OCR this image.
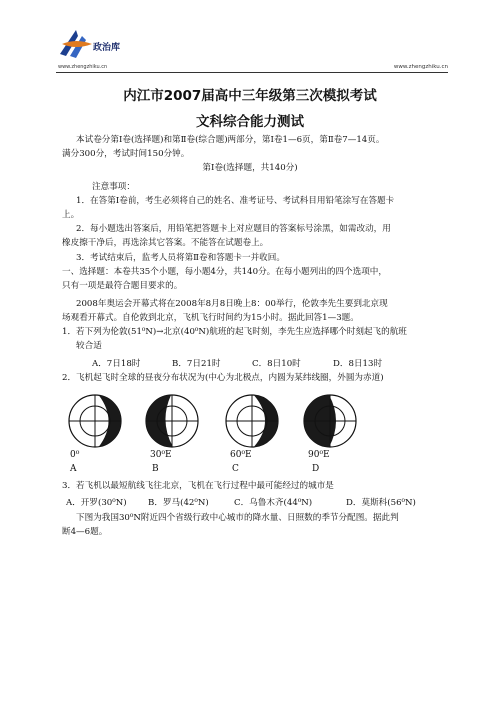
政治库
www.zhengzhiku.cn	www.zhengzhiku.cn
内江市2007届高中三年级第三次模拟考试
文科综合能力测试
本试卷分第Ⅰ卷(选择题)和第Ⅱ卷(综合题)两部分，第Ⅰ卷1—6页，第Ⅱ卷7—14页。
满分300分，考试时间150分钟。
第Ⅰ卷(选择题，共140分)
注意事项：
1．在答第Ⅰ卷前，考生必须将自己的姓名、准考证号、考试科目用铅笔涂写在答题卡
上。
2．每小题选出答案后，用铅笔把答题卡上对应题目的答案标号涂黑，如需改动，用
橡皮擦干净后，再选涂其它答案。不能答在试题卷上。
3．考试结束后，监考人员将第Ⅱ卷和答题卡一并收回。
一、选择题：本卷共35个小题，每小题4分，共140分。在每小题列出的四个选项中，
只有一项是最符合题目要求的。
2008年奥运会开幕式将在2008年8月8日晚上8：00举行，伦敦李先生要到北京现
场观看开幕式。自伦敦到北京，飞机飞行时间约为15小时。据此回答1—3题。
1．若下列为伦敦(51⁰N)→北京(40⁰N)航班的起飞时刻，李先生应选择哪个时刻起飞的航班
较合适
A．7日18时	B．7日21时	C．8日10时	D．8日13时
2．飞机起飞时全球的昼夜分布状况为(中心为北极点，内圆为某纬线圈，外圆为赤道)
0⁰	30⁰E	60⁰E	90⁰E
A	B	C	D
3．若飞机以最短航线飞往北京，飞机在飞行过程中最可能经过的城市是
A．开罗(30⁰N) B．罗马(42⁰N)	C．乌鲁木齐(44⁰N)	D．莫斯科(56⁰N)
下图为我国30⁰N附近四个省级行政中心城市的降水量、日照数的季节分配图。据此判
断4—6题。
